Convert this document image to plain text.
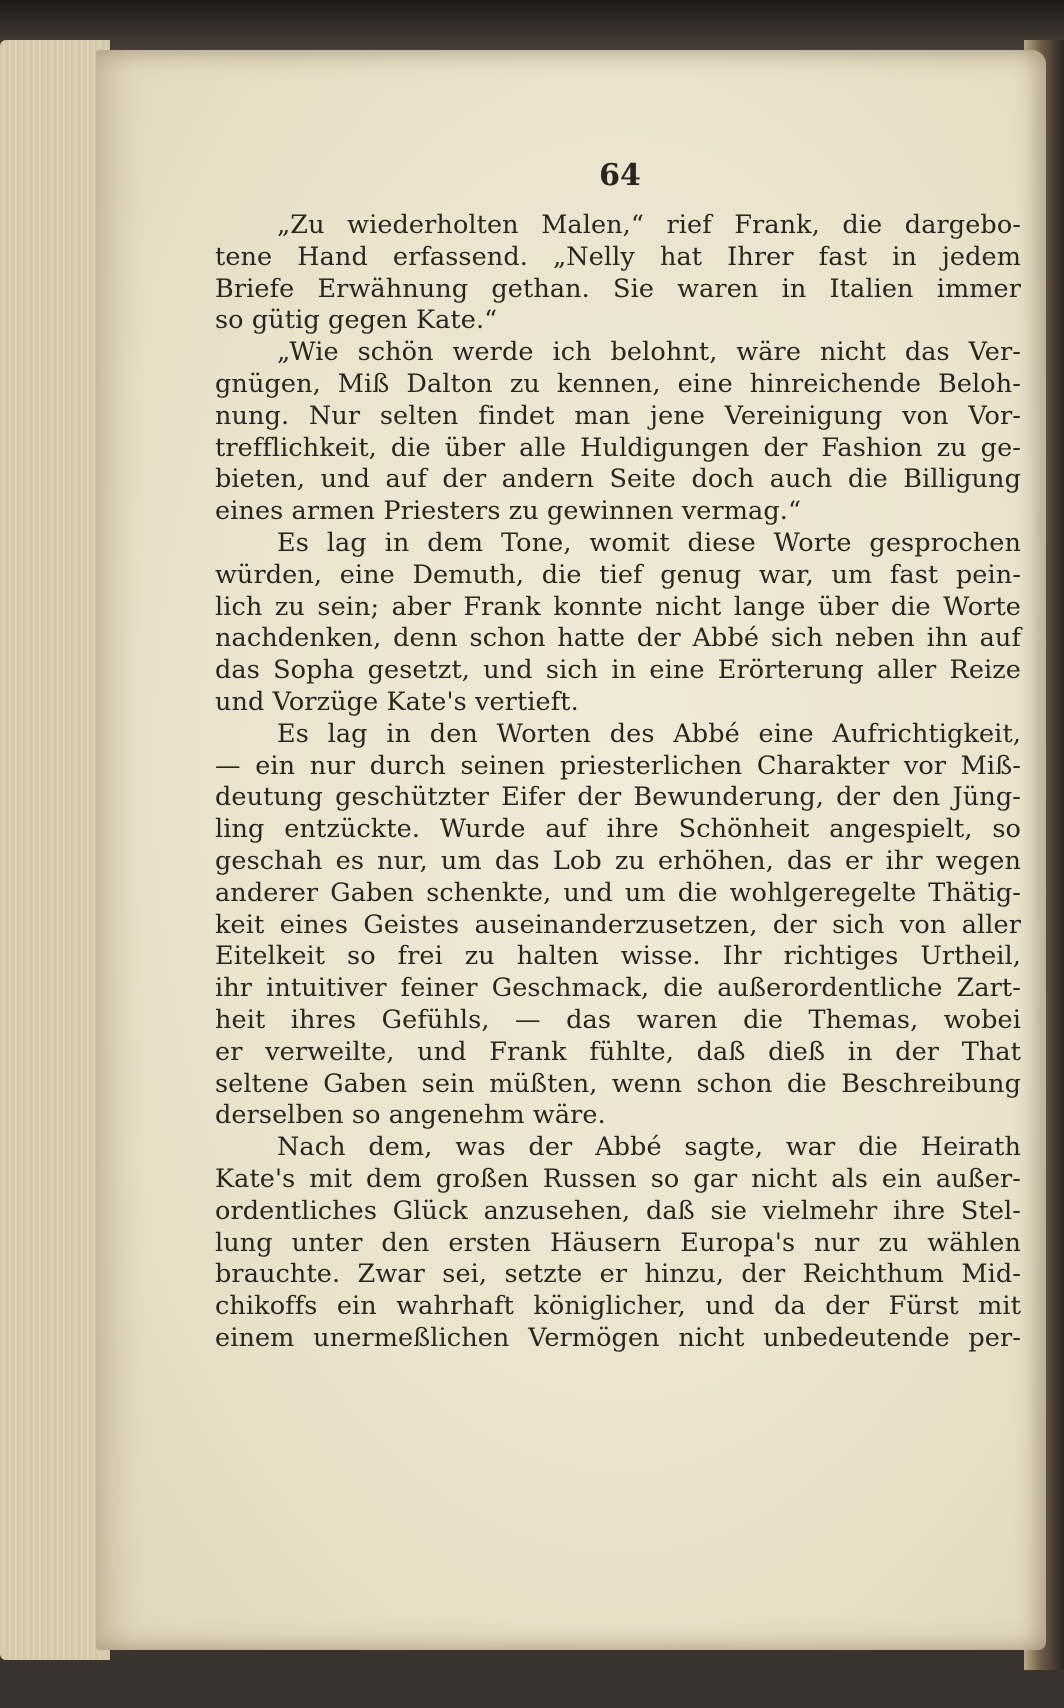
64

„Zu wiederholten Malen,“ rief Frank, die dargebo-
tene Hand erfassend. „Nelly hat Ihrer fast in jedem
Briefe Erwähnung gethan. Sie waren in Italien immer
so gütig gegen Kate.“

„Wie schön werde ich belohnt, wäre nicht das Ver-
gnügen, Miß Dalton zu kennen, eine hinreichende Beloh-
nung. Nur selten findet man jene Vereinigung von Vor-
trefflichkeit, die über alle Huldigungen der Fashion zu ge-
bieten, und auf der andern Seite doch auch die Billigung
eines armen Priesters zu gewinnen vermag.“

Es lag in dem Tone, womit diese Worte gesprochen
würden, eine Demuth, die tief genug war, um fast pein-
lich zu sein; aber Frank konnte nicht lange über die Worte
nachdenken, denn schon hatte der Abbé sich neben ihn auf
das Sopha gesetzt, und sich in eine Erörterung aller Reize
und Vorzüge Kate's vertieft.

Es lag in den Worten des Abbé eine Aufrichtigkeit,
— ein nur durch seinen priesterlichen Charakter vor Miß-
deutung geschützter Eifer der Bewunderung, der den Jüng-
ling entzückte. Wurde auf ihre Schönheit angespielt, so
geschah es nur, um das Lob zu erhöhen, das er ihr wegen
anderer Gaben schenkte, und um die wohlgeregelte Thätig-
keit eines Geistes auseinanderzusetzen, der sich von aller
Eitelkeit so frei zu halten wisse. Ihr richtiges Urtheil,
ihr intuitiver feiner Geschmack, die außerordentliche Zart-
heit ihres Gefühls, — das waren die Themas, wobei
er verweilte, und Frank fühlte, daß dieß in der That
seltene Gaben sein müßten, wenn schon die Beschreibung
derselben so angenehm wäre.

Nach dem, was der Abbé sagte, war die Heirath
Kate's mit dem großen Russen so gar nicht als ein außer-
ordentliches Glück anzusehen, daß sie vielmehr ihre Stel-
lung unter den ersten Häusern Europa's nur zu wählen
brauchte. Zwar sei, setzte er hinzu, der Reichthum Mid-
chikoffs ein wahrhaft königlicher, und da der Fürst mit
einem unermeßlichen Vermögen nicht unbedeutende per-
